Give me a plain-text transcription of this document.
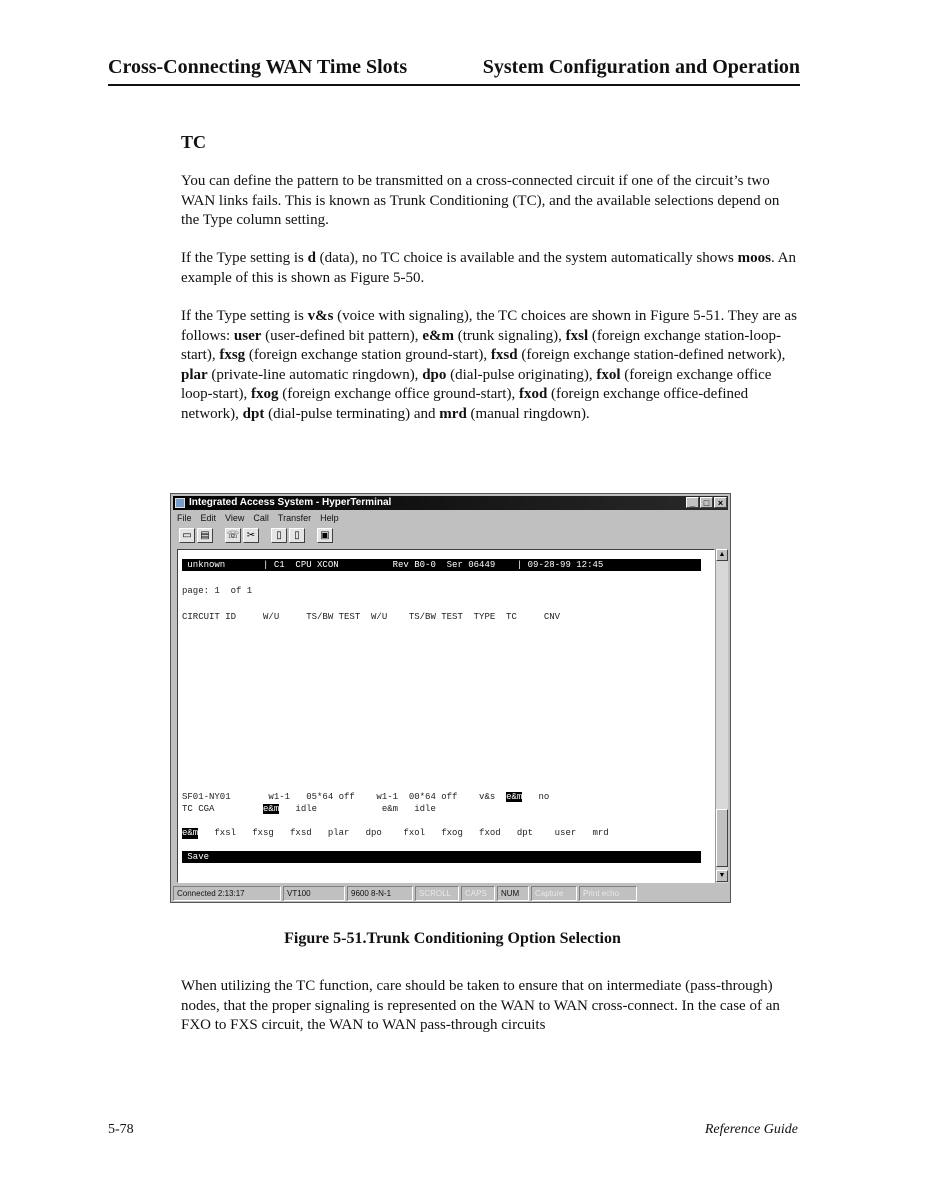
Cross-Connecting WAN Time Slots	System Configuration and Operation
TC

You can define the pattern to be transmitted on a cross-connected circuit if one of the circuit’s two WAN links fails. This is known as Trunk Conditioning (TC), and the available selections depend on the Type column setting.

If the Type setting is d (data), no TC choice is available and the system automatically shows moos. An example of this is shown as Figure 5-50.

If the Type setting is v&s (voice with signaling), the TC choices are shown in Figure 5-51. They are as follows: user (user-defined bit pattern), e&m (trunk signaling), fxsl (foreign exchange station-loop-start), fxsg (foreign exchange station ground-start), fxsd (foreign exchange station-defined network), plar (private-line automatic ringdown), dpo (dial-pulse originating), fxol (foreign exchange office loop-start), fxog (foreign exchange office ground-start), fxod (foreign exchange office-defined network), dpt (dial-pulse terminating) and mrd (manual ringdown).

Integrated Access System - HyperTerminal	_ □ ×
File Edit View Call Transfer Help
▭ ▤	☏ ✂	▯	▯	▣
unknown       | C1  CPU XCON          Rev B0-0  Ser 06449    | 09-28-99 12:45
page: 1  of 1
CIRCUIT ID     W/U     TS/BW TEST  W/U    TS/BW TEST  TYPE  TC     CNV
SF01-NY01       w1-1   05*64 off    w1-1  00*64 off    v&s  e&m   no
TC CGA         e&m   idle            e&m   idle
e&m   fxsl   fxsg   fxsd   plar   dpo    fxol   fxog   fxod   dpt    user   mrd
Save
▲
▼
Connected 2:13:17	VT100	9600 8-N-1	SCROLL	CAPS	NUM	Capture	Print echo
Figure 5-51.Trunk Conditioning Option Selection

When utilizing the TC function, care should be taken to ensure that on intermediate (pass-through) nodes, that the proper signaling is represented on the WAN to WAN cross-connect. In the case of an FXO to FXS circuit, the WAN to WAN pass-through circuits

5-78	Reference Guide
